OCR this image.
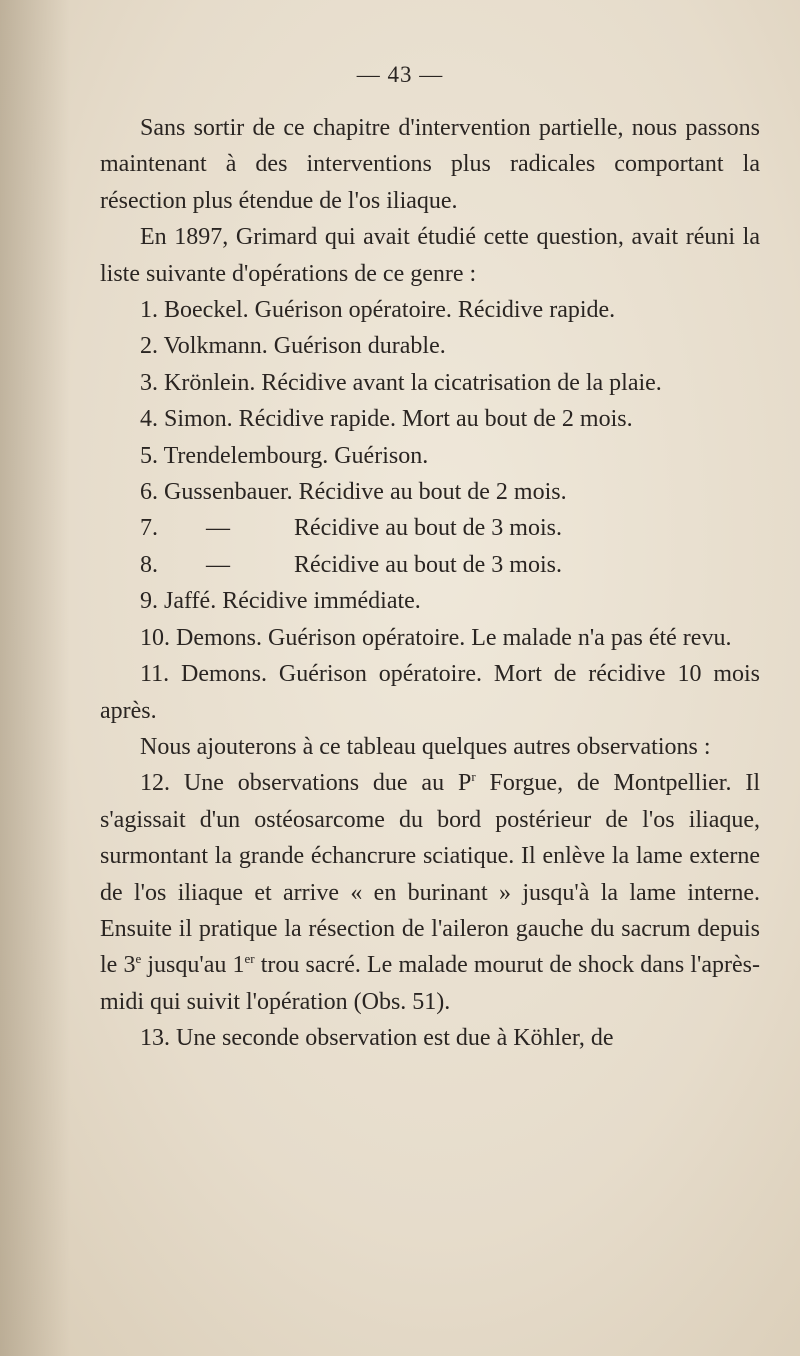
— 43 —

Sans sortir de ce chapitre d'intervention partielle, nous passons maintenant à des interventions plus radicales comportant la résection plus étendue de l'os iliaque.

En 1897, Grimard qui avait étudié cette question, avait réuni la liste suivante d'opérations de ce genre :

1. Boeckel. Guérison opératoire. Récidive rapide.

2. Volkmann. Guérison durable.

3. Krönlein. Récidive avant la cicatrisation de la plaie.

4. Simon. Récidive rapide. Mort au bout de 2 mois.

5. Trendelembourg. Guérison.

6. Gussenbauer. Récidive au bout de 2 mois.

7.	—	Récidive au bout de 3 mois.
8.	—	Récidive au bout de 3 mois.

9. Jaffé. Récidive immédiate.

10. Demons. Guérison opératoire. Le malade n'a pas été revu.

11. Demons. Guérison opératoire. Mort de récidive 10 mois après.

Nous ajouterons à ce tableau quelques autres observations :

12. Une observations due au $P^r$ Forgue, de Montpellier. Il s'agissait d'un ostéosarcome du bord postérieur de l'os iliaque, surmontant la grande échancrure sciatique. Il enlève la lame externe de l'os iliaque et arrive « en burinant » jusqu'à la lame interne. Ensuite il pratique la résection de l'aileron gauche du sacrum depuis le 3e jusqu'au 1er trou sacré. Le malade mourut de shock dans l'après-midi qui suivit l'opération (Obs. 51).

13. Une seconde observation est due à Köhler, de
